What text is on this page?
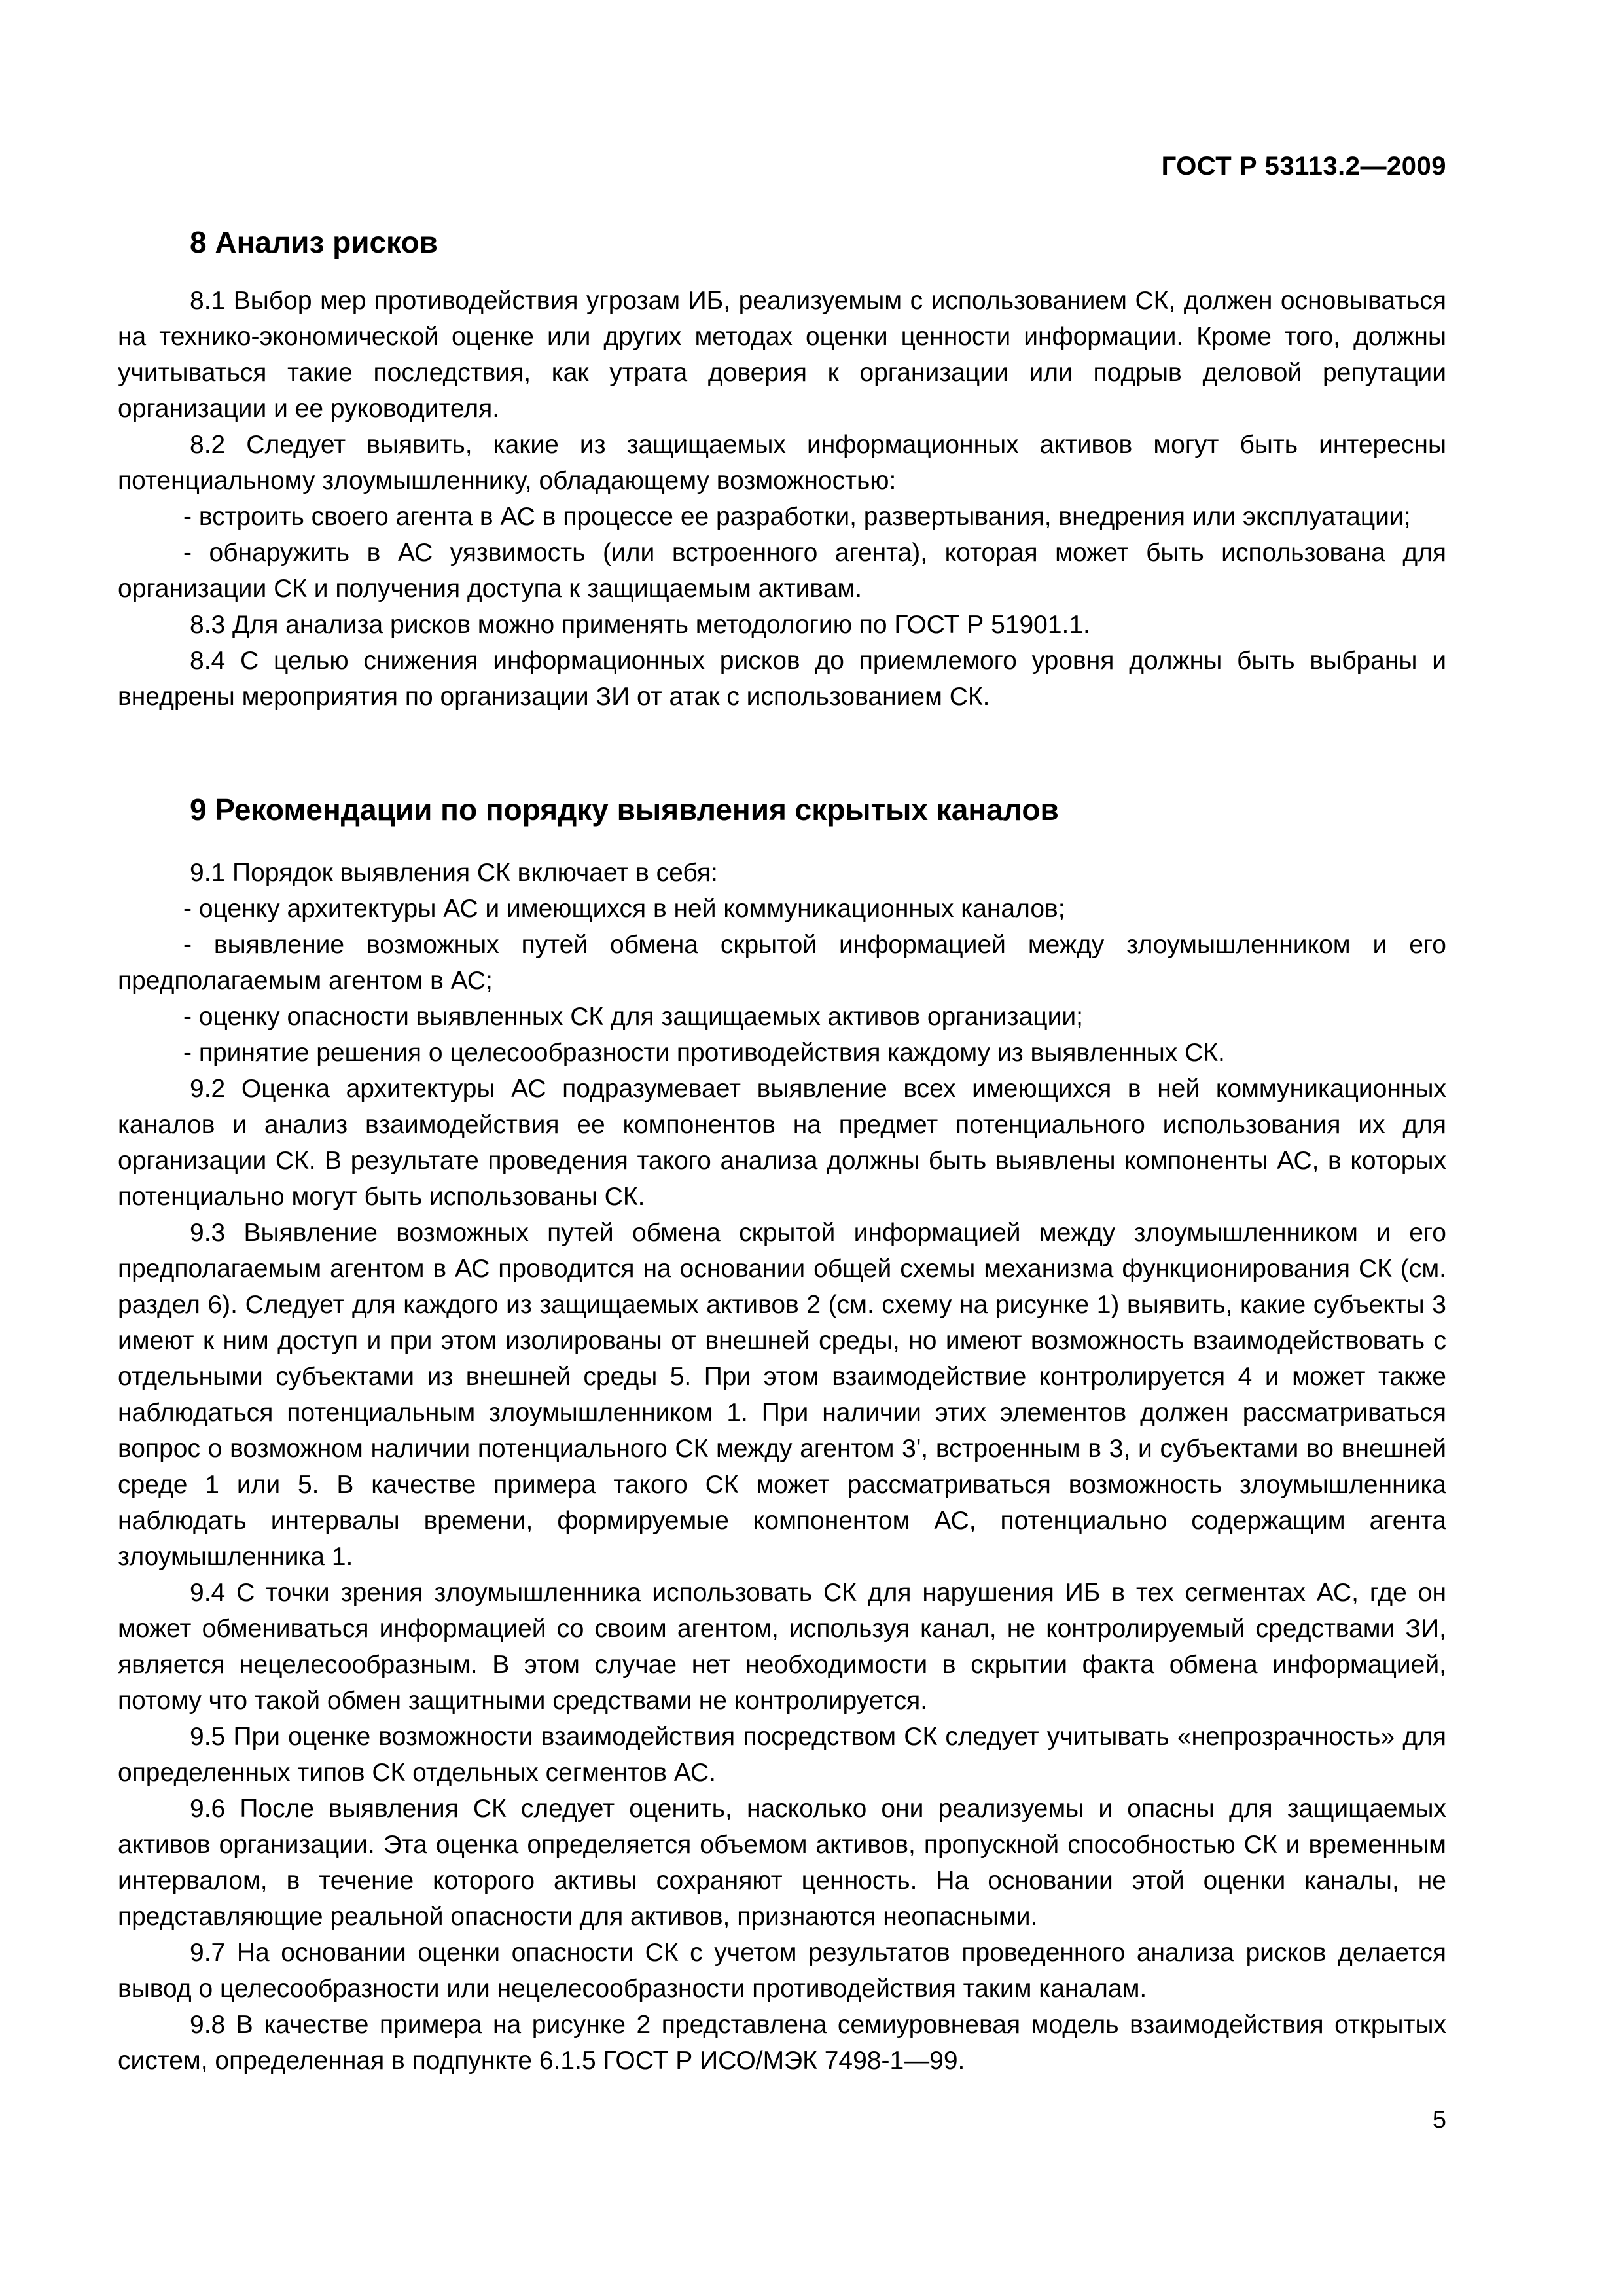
ГОСТ Р 53113.2—2009
8 Анализ рисков

8.1 Выбор мер противодействия угрозам ИБ, реализуемым с использованием СК, должен основываться на технико-экономической оценке или других методах оценки ценности информации. Кроме того, должны учитываться такие последствия, как утрата доверия к организации или подрыв деловой репутации организации и ее руководителя.

8.2 Следует выявить, какие из защищаемых информационных активов могут быть интересны потенциальному злоумышленнику, обладающему возможностью:

- встроить своего агента в АС в процессе ее разработки, развертывания, внедрения или эксплуатации;

- обнаружить в АС уязвимость (или встроенного агента), которая может быть использована для организации СК и получения доступа к защищаемым активам.

8.3 Для анализа рисков можно применять методологию по ГОСТ Р 51901.1.

8.4 С целью снижения информационных рисков до приемлемого уровня должны быть выбраны и внедрены мероприятия по организации ЗИ от атак с использованием СК.

9 Рекомендации по порядку выявления скрытых каналов

9.1 Порядок выявления СК включает в себя:

- оценку архитектуры АС и имеющихся в ней коммуникационных каналов;

- выявление возможных путей обмена скрытой информацией между злоумышленником и его предполагаемым агентом в АС;

- оценку опасности выявленных СК для защищаемых активов организации;

- принятие решения о целесообразности противодействия каждому из выявленных СК.

9.2 Оценка архитектуры АС подразумевает выявление всех имеющихся в ней коммуникационных каналов и анализ взаимодействия ее компонентов на предмет потенциального использования их для организации СК. В результате проведения такого анализа должны быть выявлены компоненты АС, в которых потенциально могут быть использованы СК.

9.3 Выявление возможных путей обмена скрытой информацией между злоумышленником и его предполагаемым агентом в АС проводится на основании общей схемы механизма функционирования СК (см. раздел 6). Следует для каждого из защищаемых активов 2 (см. схему на рисунке 1) выявить, какие субъекты 3 имеют к ним доступ и при этом изолированы от внешней среды, но имеют возможность взаимодействовать с отдельными субъектами из внешней среды 5. При этом взаимодействие контролируется 4 и может также наблюдаться потенциальным злоумышленником 1. При наличии этих элементов должен рассматриваться вопрос о возможном наличии потенциального СК между агентом 3', встроенным в 3, и субъектами во внешней среде 1 или 5. В качестве примера такого СК может рассматриваться возможность злоумышленника наблюдать интервалы времени, формируемые компонентом АС, потенциально содержащим агента злоумышленника 1.

9.4 С точки зрения злоумышленника использовать СК для нарушения ИБ в тех сегментах АС, где он может обмениваться информацией со своим агентом, используя канал, не контролируемый средствами ЗИ, является нецелесообразным. В этом случае нет необходимости в скрытии факта обмена информацией, потому что такой обмен защитными средствами не контролируется.

9.5 При оценке возможности взаимодействия посредством СК следует учитывать «непрозрачность» для определенных типов СК отдельных сегментов АС.

9.6 После выявления СК следует оценить, насколько они реализуемы и опасны для защищаемых активов организации. Эта оценка определяется объемом активов, пропускной способностью СК и временным интервалом, в течение которого активы сохраняют ценность. На основании этой оценки каналы, не представляющие реальной опасности для активов, признаются неопасными.

9.7 На основании оценки опасности СК с учетом результатов проведенного анализа рисков делается вывод о целесообразности или нецелесообразности противодействия таким каналам.

9.8 В качестве примера на рисунке 2 представлена семиуровневая модель взаимодействия открытых систем, определенная в подпункте 6.1.5 ГОСТ Р ИСО/МЭК 7498-1—99.

5
